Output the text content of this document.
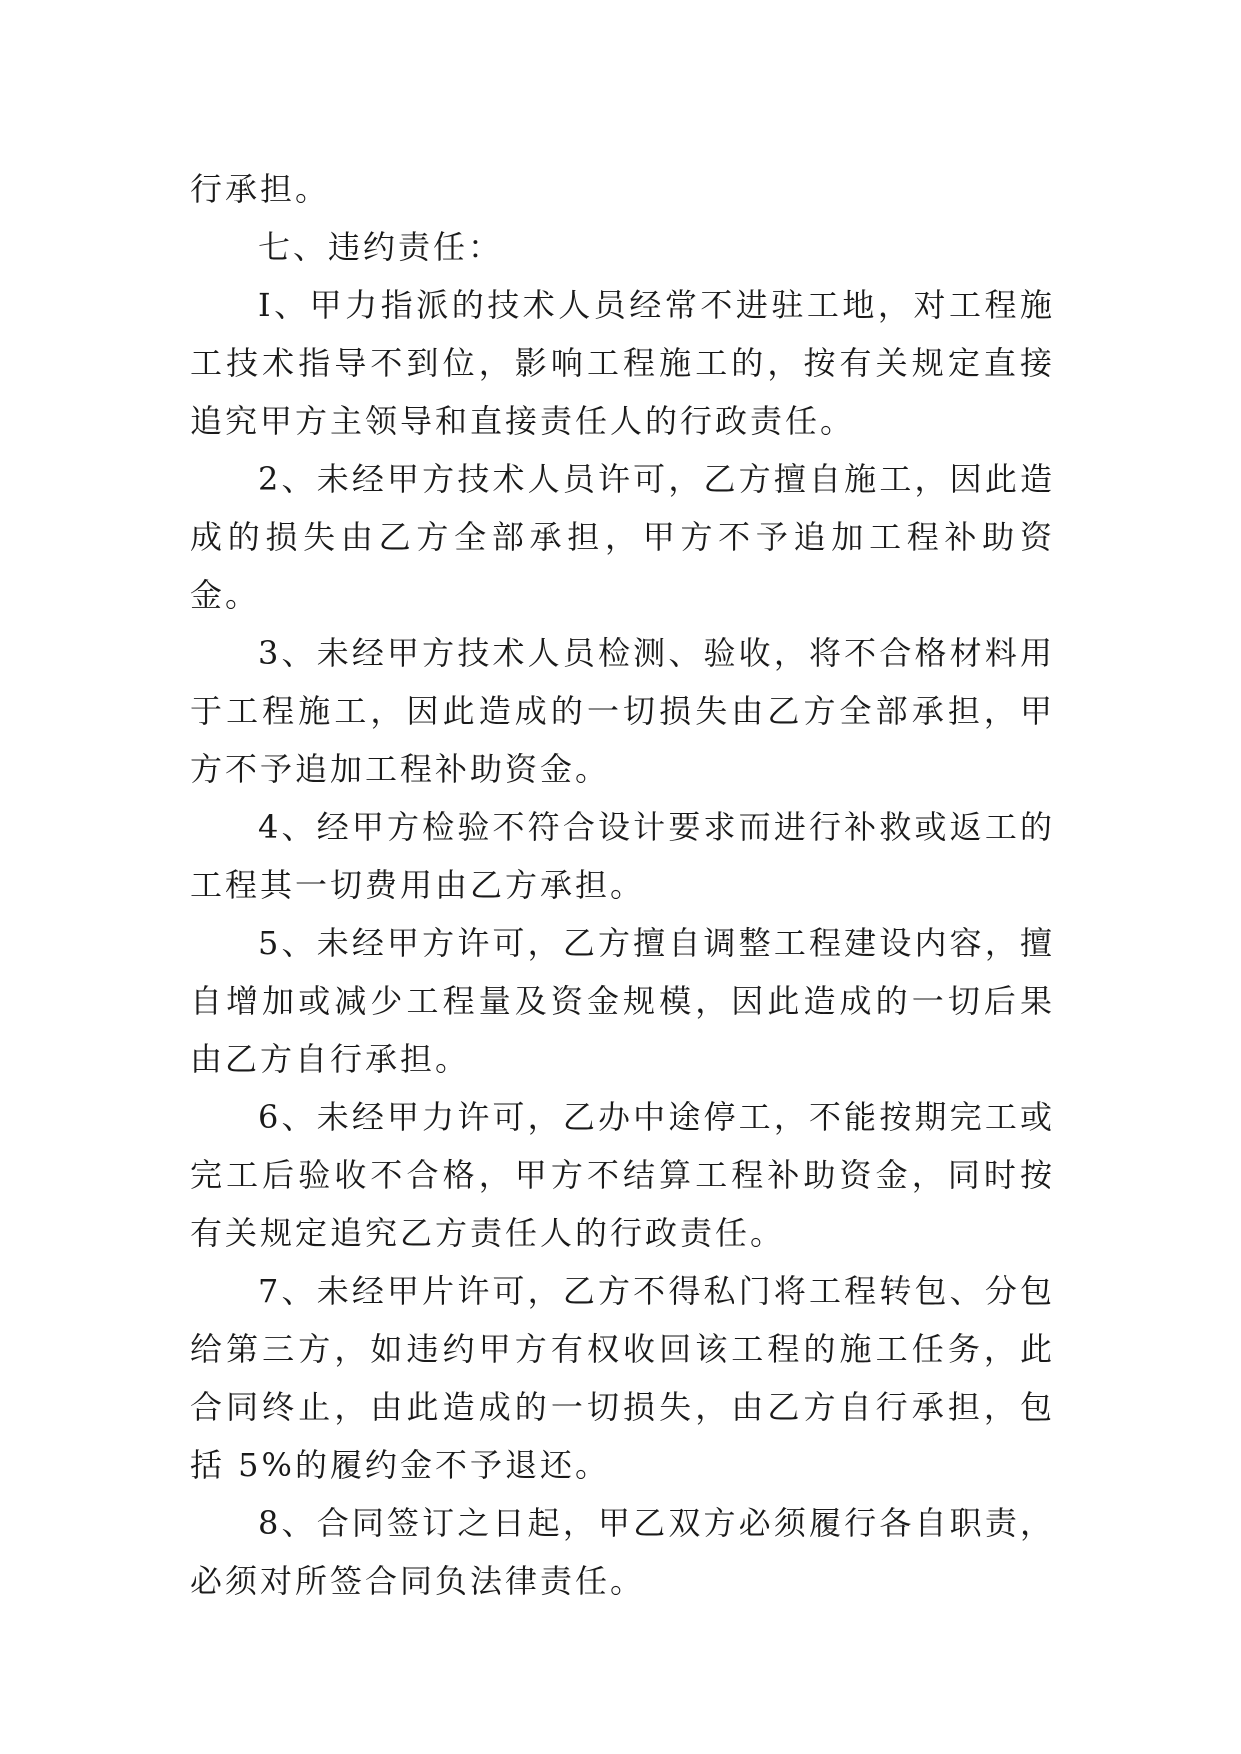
行承担。

七、违约责任：

I、甲力指派的技术人员经常不进驻工地，对工程施工技术指导不到位，影响工程施工的，按有关规定直接追究甲方主领导和直接责任人的行政责任。

2、未经甲方技术人员许可，乙方擅自施工，因此造成的损失由乙方全部承担，甲方不予追加工程补助资金。

3、未经甲方技术人员检测、验收，将不合格材料用于工程施工，因此造成的一切损失由乙方全部承担，甲方不予追加工程补助资金。

4、经甲方检验不符合设计要求而进行补救或返工的工程其一切费用由乙方承担。

5、未经甲方许可，乙方擅自调整工程建设内容，擅自增加或减少工程量及资金规模，因此造成的一切后果由乙方自行承担。

6、未经甲力许可，乙办中途停工，不能按期完工或完工后验收不合格，甲方不结算工程补助资金，同时按有关规定追究乙方责任人的行政责任。

7、未经甲片许可，乙方不得私门将工程转包、分包给第三方，如违约甲方有权收回该工程的施工任务，此合同终止，由此造成的一切损失，由乙方自行承担，包括 5%的履约金不予退还。

8、合同签订之日起，甲乙双方必须履行各自职责，必须对所签合同负法律责任。
